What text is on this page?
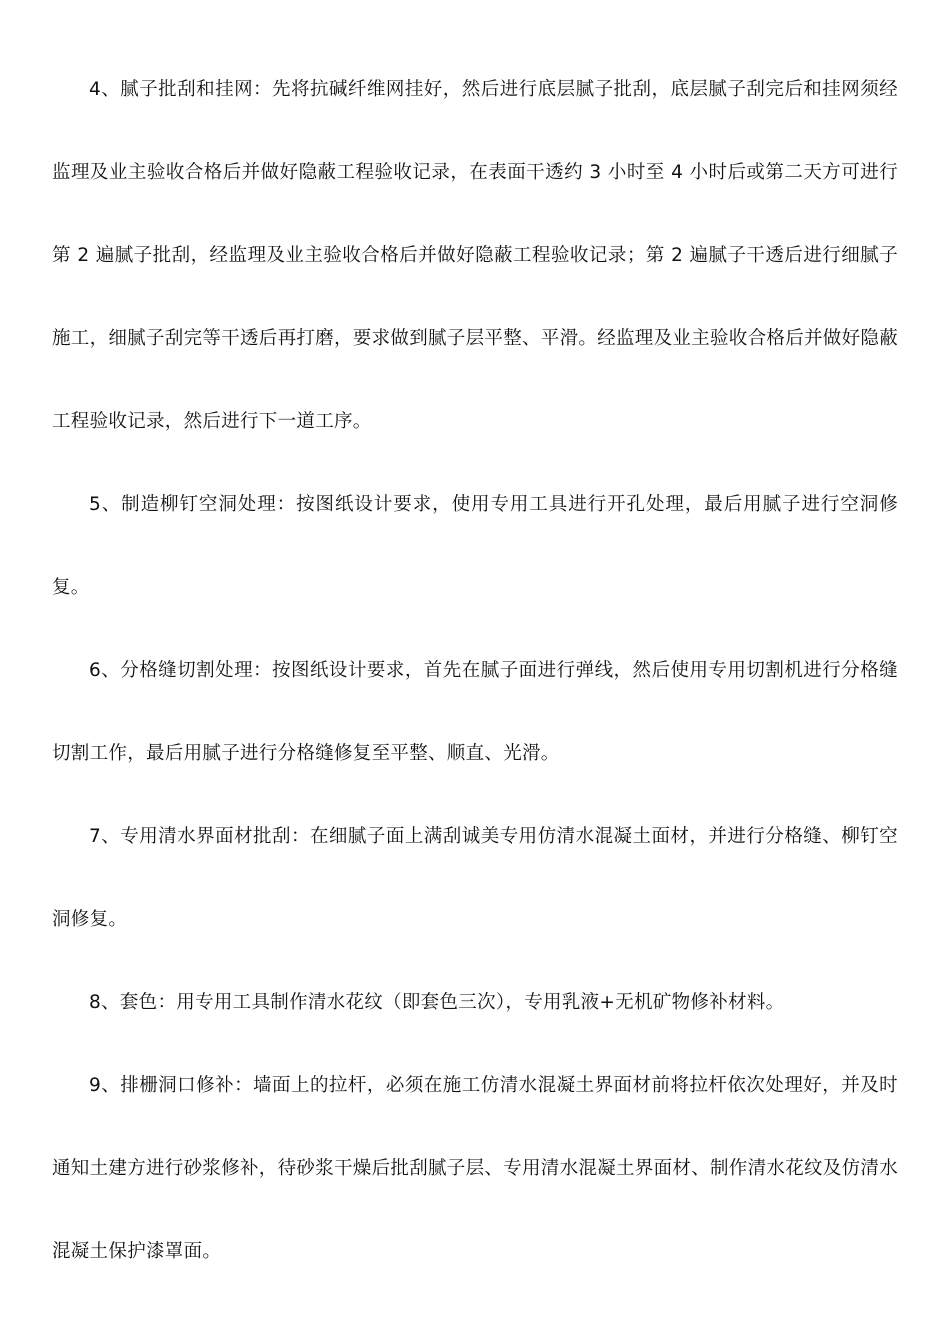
4、腻子批刮和挂网：先将抗碱纤维网挂好，然后进行底层腻子批刮，底层腻子刮完后和挂网须经监理及业主验收合格后并做好隐蔽工程验收记录，在表面干透约 3 小时至 4 小时后或第二天方可进行第 2 遍腻子批刮，经监理及业主验收合格后并做好隐蔽工程验收记录；第 2 遍腻子干透后进行细腻子施工，细腻子刮完等干透后再打磨，要求做到腻子层平整、平滑。经监理及业主验收合格后并做好隐蔽工程验收记录，然后进行下一道工序。

5、制造柳钉空洞处理：按图纸设计要求，使用专用工具进行开孔处理，最后用腻子进行空洞修复。

6、分格缝切割处理：按图纸设计要求，首先在腻子面进行弹线，然后使用专用切割机进行分格缝切割工作，最后用腻子进行分格缝修复至平整、顺直、光滑。

7、专用清水界面材批刮：在细腻子面上满刮诚美专用仿清水混凝土面材，并进行分格缝、柳钉空洞修复。

8、套色：用专用工具制作清水花纹（即套色三次），专用乳液+无机矿物修补材料。

9、排栅洞口修补：墙面上的拉杆，必须在施工仿清水混凝土界面材前将拉杆依次处理好，并及时通知土建方进行砂浆修补，待砂浆干燥后批刮腻子层、专用清水混凝土界面材、制作清水花纹及仿清水混凝土保护漆罩面。
